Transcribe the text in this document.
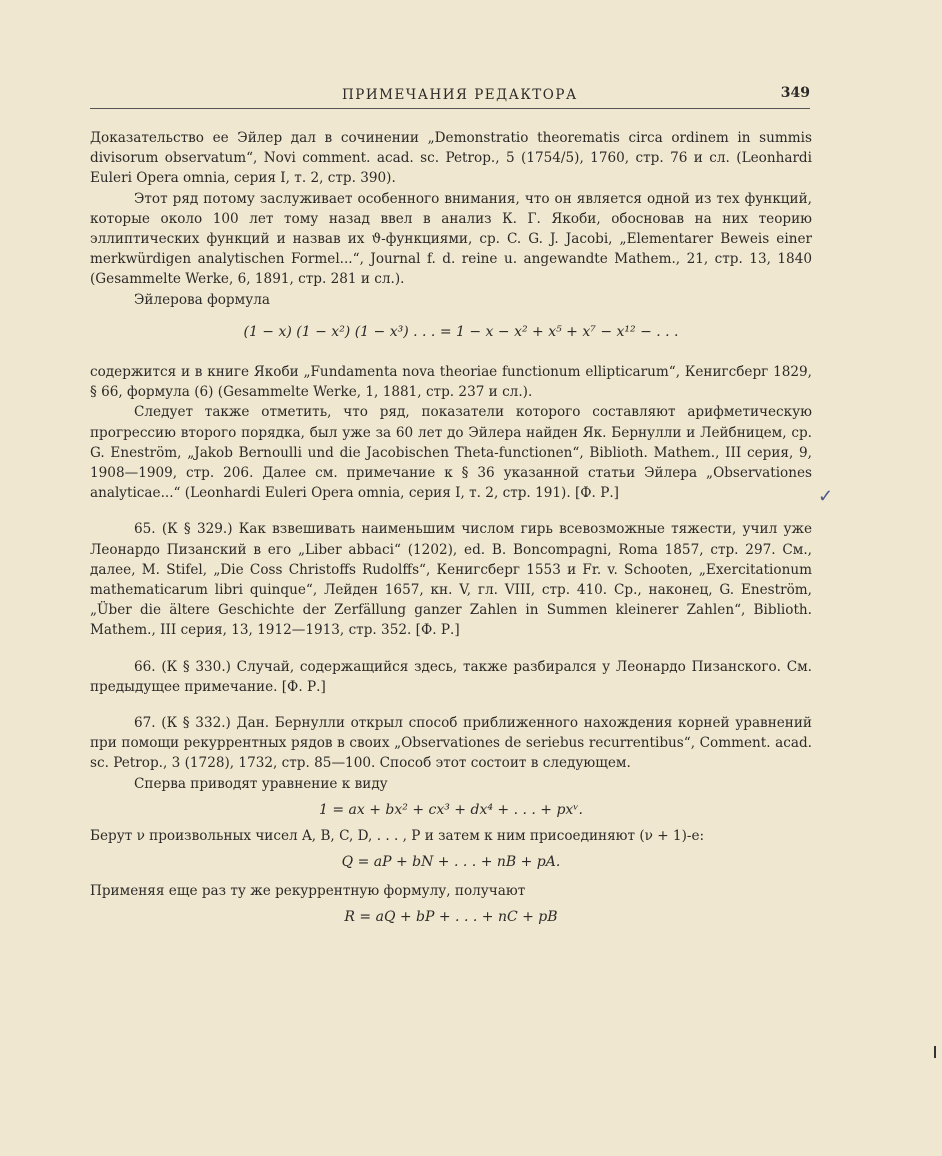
ПРИМЕЧАНИЯ РЕДАКТОРА	349

Доказательство ее Эйлер дал в сочинении „Demonstratio theorematis circa ordinem in summis divisorum observatum“, Novi comment. acad. sc. Petrop., 5 (1754/5), 1760, стр. 76 и сл. (Leonhardi Euleri Opera omnia, серия I, т. 2, стр. 390).

Этот ряд потому заслуживает особенного внимания, что он является одной из тех функций, которые около 100 лет тому назад ввел в анализ К. Г. Якоби, обосновав на них теорию эллиптических функций и назвав их ϑ-функциями, ср. C. G. J. Jacobi, „Elementarer Beweis einer merkwürdigen analytischen Formel...“, Journal f. d. reine u. angewandte Mathem., 21, стр. 13, 1840 (Gesammelte Werke, 6, 1891, стр. 281 и сл.).

Эйлерова формула

(1 − x) (1 − x²) (1 − x³) . . . = 1 − x − x² + x⁵ + x⁷ − x¹² − . . .

содержится и в книге Якоби „Fundamenta nova theoriae functionum ellipticarum“, Кенигсберг 1829, § 66, формула (6) (Gesammelte Werke, 1, 1881, стр. 237 и сл.).

Следует также отметить, что ряд, показатели которого составляют арифметическую прогрессию второго порядка, был уже за 60 лет до Эйлера найден Як. Бернулли и Лейбницем, ср. G. Eneström, „Jakob Bernoulli und die Jacobischen Theta-functionen“, Biblioth. Mathem., III серия, 9, 1908—1909, стр. 206. Далее см. примечание к § 36 указанной статьи Эйлера „Observationes analyticae...“ (Leonhardi Euleri Opera omnia, серия I, т. 2, стр. 191). [Ф. Р.]

65. (К § 329.) Как взвешивать наименьшим числом гирь всевозможные тяжести, учил уже Леонардо Пизанский в его „Liber abbaci“ (1202), ed. B. Boncompagni, Roma 1857, стр. 297. См., далее, M. Stifel, „Die Coss Christoffs Rudolffs“, Кенигсберг 1553 и Fr. v. Schooten, „Exercitationum mathematicarum libri quinque“, Лейден 1657, кн. V, гл. VIII, стр. 410. Ср., наконец, G. Eneström, „Über die ältere Geschichte der Zerfällung ganzer Zahlen in Summen kleinerer Zahlen“, Biblioth. Mathem., III серия, 13, 1912—1913, стр. 352. [Ф. Р.]

66. (К § 330.) Случай, содержащийся здесь, также разбирался у Леонардо Пизанского. См. предыдущее примечание. [Ф. Р.]

67. (К § 332.) Дан. Бернулли открыл способ приближенного нахождения корней уравнений при помощи рекуррентных рядов в своих „Observationes de seriebus recurrentibus“, Comment. acad. sc. Petrop., 3 (1728), 1732, стр. 85—100. Способ этот состоит в следующем.

Сперва приводят уравнение к виду

1 = ax + bx² + cx³ + dx⁴ + . . . + pxᵛ.

Берут ν произвольных чисел A, B, C, D, . . . , P и затем к ним присоединяют (ν + 1)-е:

Q = aP + bN + . . . + nB + pA.

Применяя еще раз ту же рекуррентную формулу, получают

R = aQ + bP + . . . + nC + pB
✓
